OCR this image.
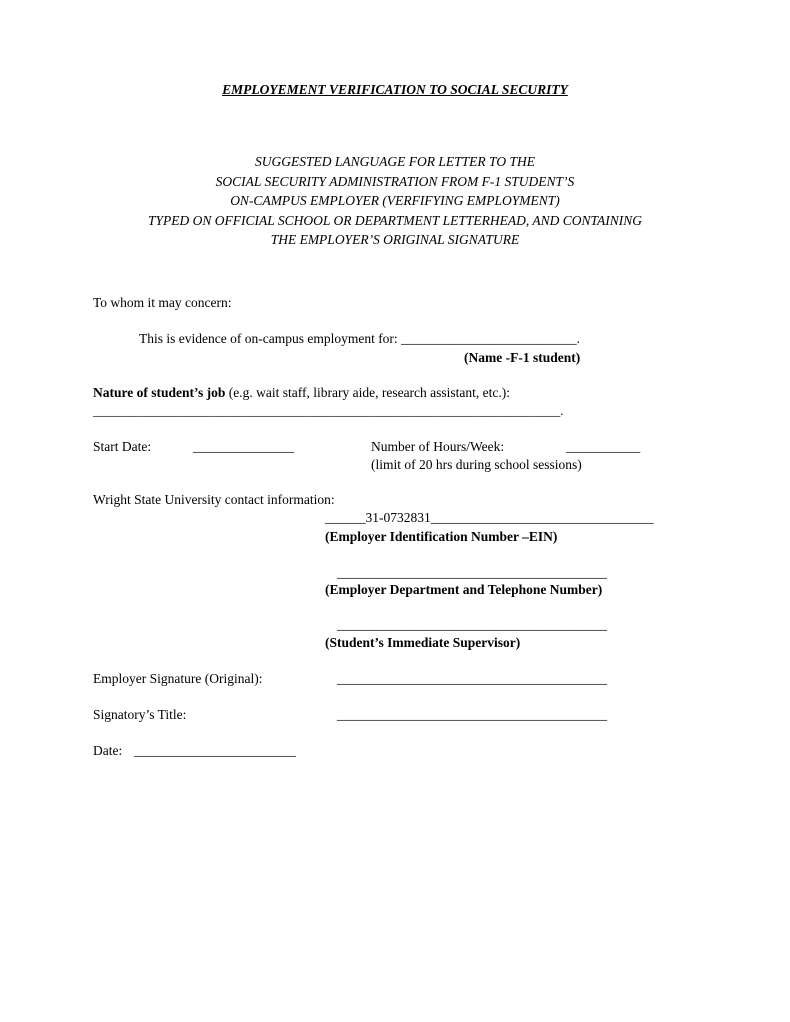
EMPLOYEMENT VERIFICATION TO SOCIAL SECURITY
SUGGESTED LANGUAGE FOR LETTER TO THE
SOCIAL SECURITY ADMINISTRATION FROM F-1 STUDENT’S
ON-CAMPUS EMPLOYER (VERFIFYING EMPLOYMENT)
TYPED ON OFFICIAL SCHOOL OR DEPARTMENT LETTERHEAD, AND CONTAINING
THE EMPLOYER’S ORIGINAL SIGNATURE
To whom it may concern:
This is evidence of on-campus employment for: __________________________.
(Name -F-1 student)
Nature of student’s job (e.g. wait staff, library aide, research assistant, etc.):
____________________________________________________________________________.
Start Date:	_______________	Number of Hours/Week:	___________
(limit of 20 hrs during school sessions)
Wright State University contact information:
______31-0732831_________________________________
(Employer Identification Number –EIN)
________________________________________
(Employer Department and Telephone Number)
________________________________________
(Student’s Immediate Supervisor)
Employer Signature (Original):	________________________________________
Signatory’s Title:	________________________________________
Date: ________________________
